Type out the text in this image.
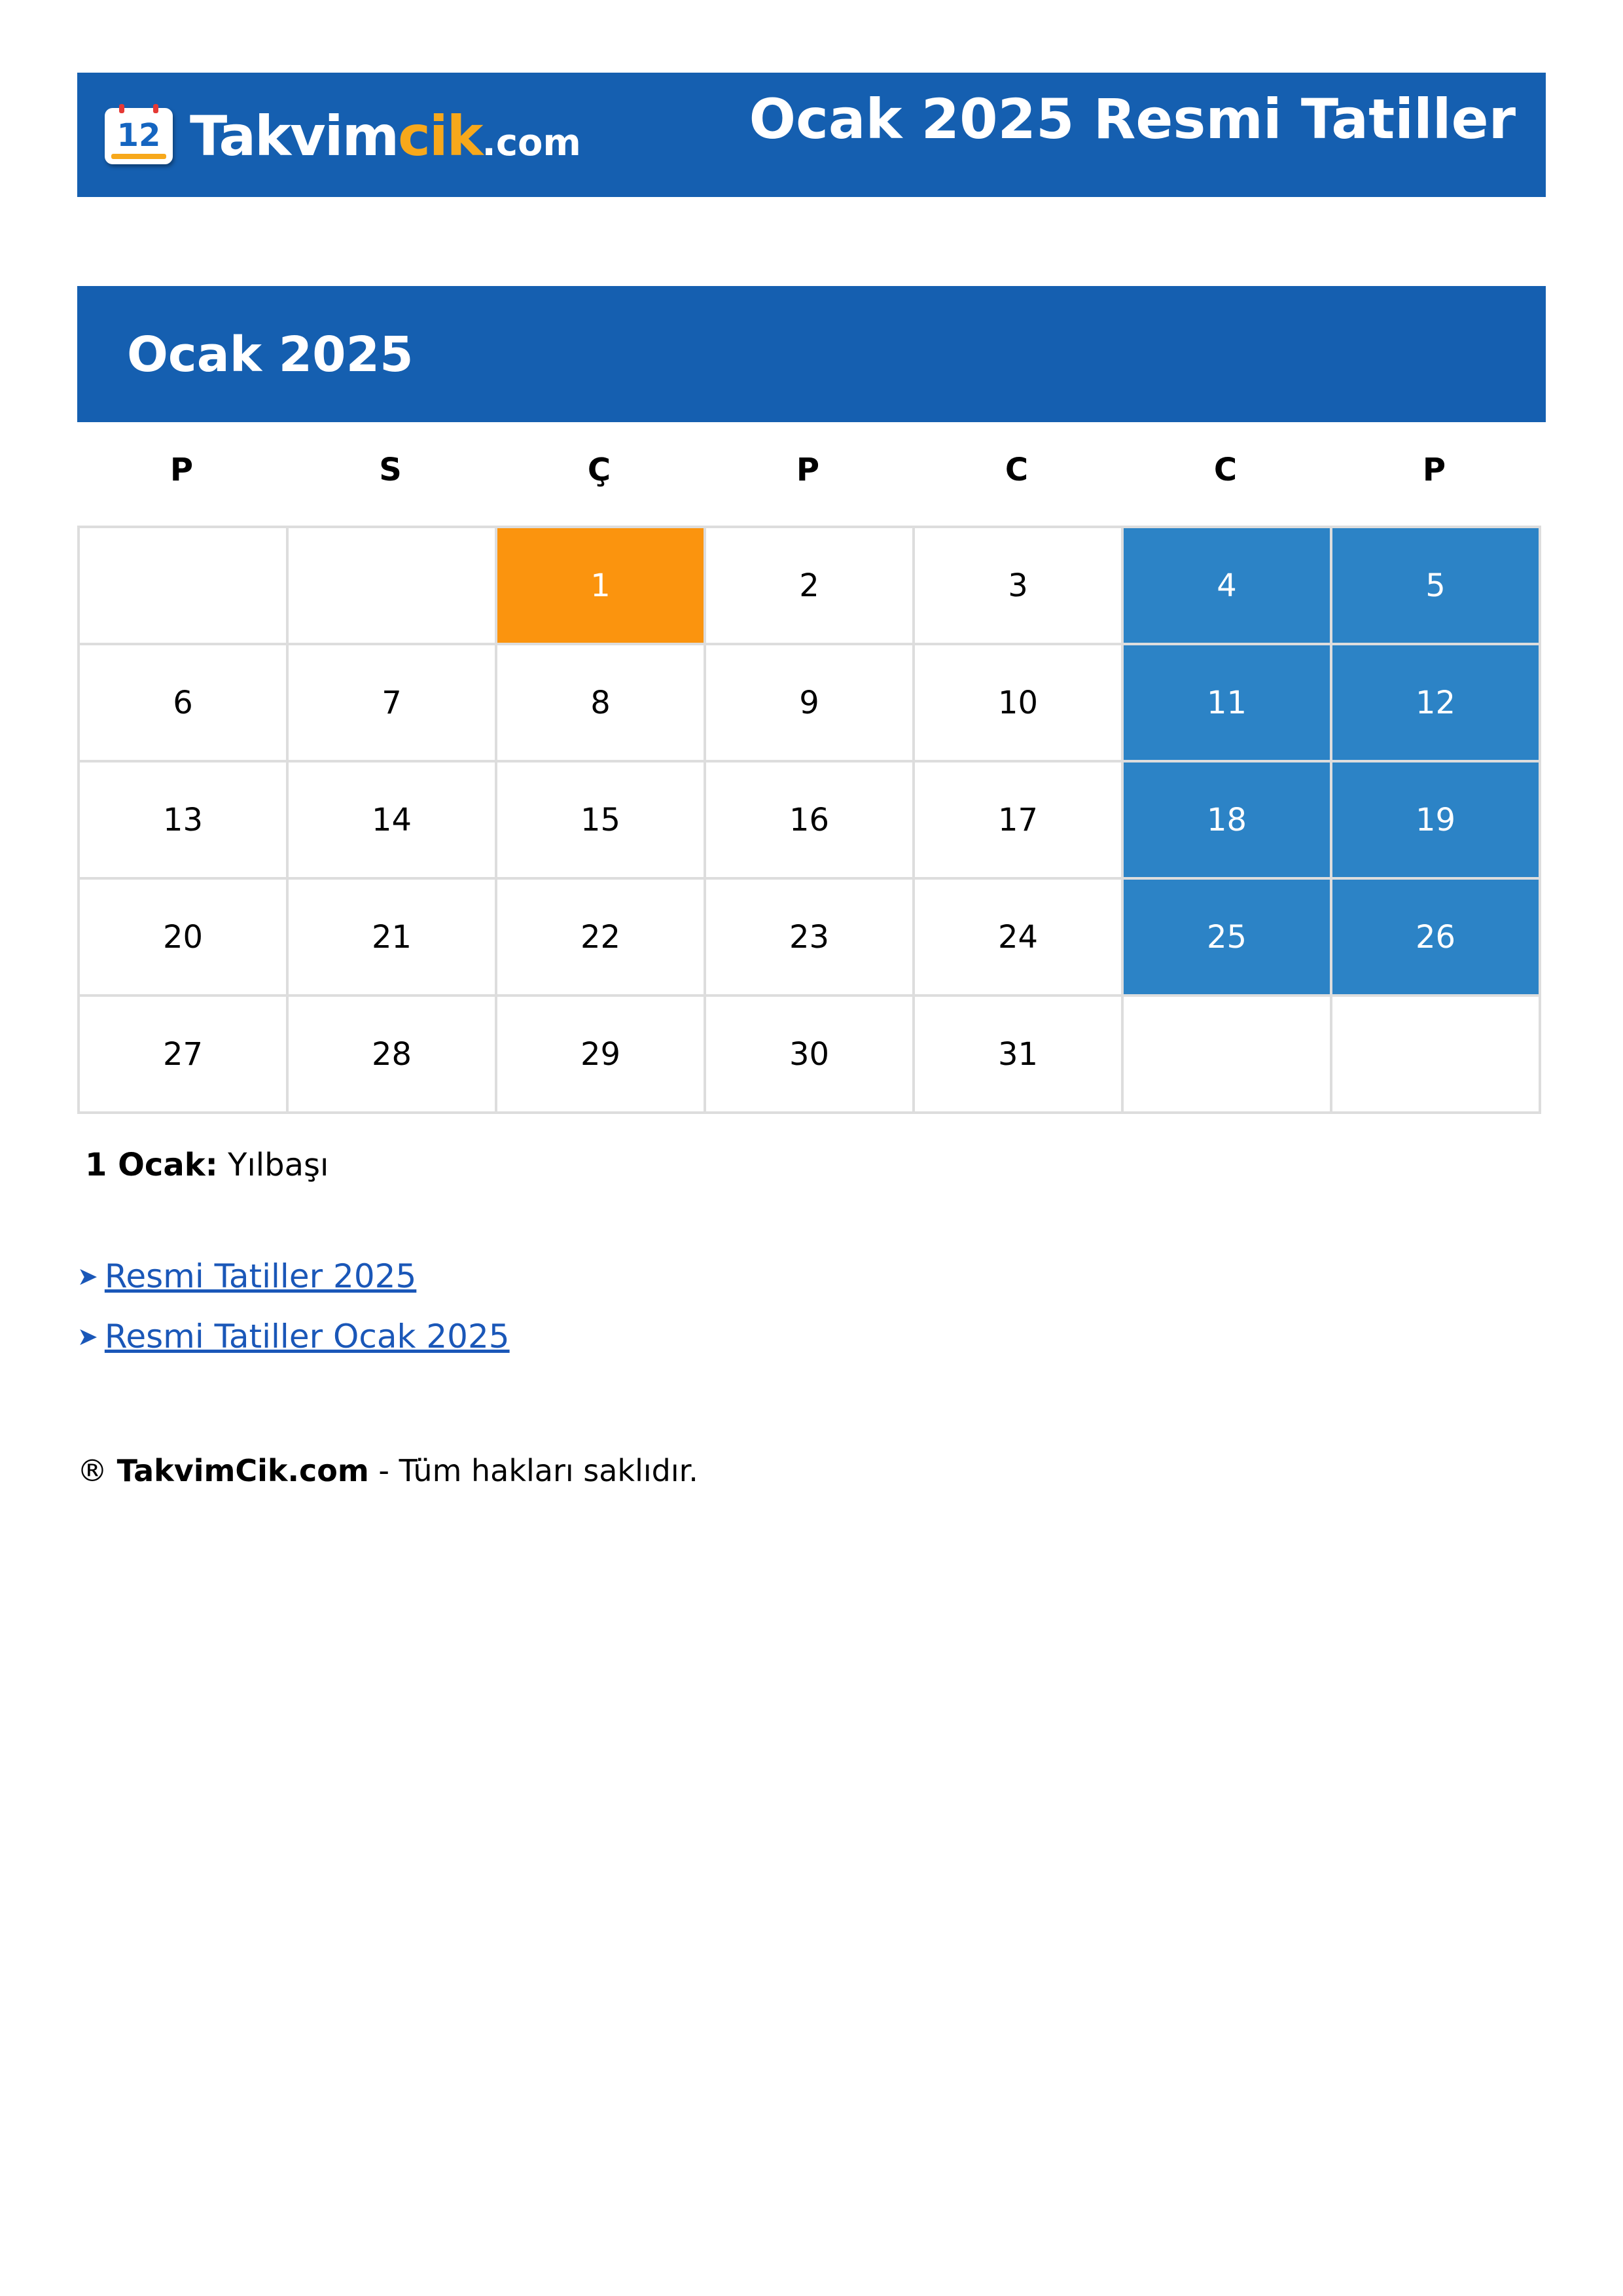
12 Takvimcik.com	Ocak 2025 Resmi Tatiller
Ocak 2025
P	S	Ç	P	C	C	P
		1	2	3	4	5
6	7	8	9	10	11	12
13	14	15	16	17	18	19
20	21	22	23	24	25	26
27	28	29	30	31		
1 Ocak: Yılbaşı
➤ Resmi Tatiller 2025
➤ Resmi Tatiller Ocak 2025
® TakvimCik.com - Tüm hakları saklıdır.
